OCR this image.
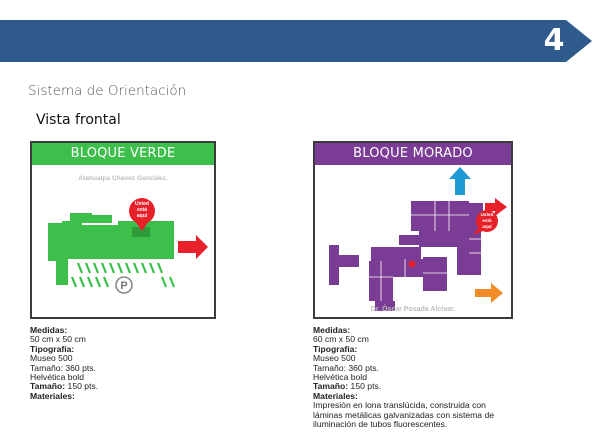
4
Sistema de Orientación
Vista frontal
BLOQUE VERDE
Atahualpa Chávez González.
P
Usted
está
aquí
BLOQUE MORADO
Usted
está
aquí
Dr. Óscar Posada Alcívar.
Medidas:
50 cm x 50 cm
Tipografía:
Museo 500
Tamaño: 360 pts.
Helvética bold
Tamaño: 150 pts.
Materiales:
Medidas:
60 cm x 50 cm
Tipografía:
Museo 500
Tamaño: 360 pts.
Helvética bold
Tamaño: 150 pts.
Materiales:
Impresión en lona translúcida, construida con
láminas metálicas galvanizadas con sistema de
iluminación de tubos fluorescentes.
